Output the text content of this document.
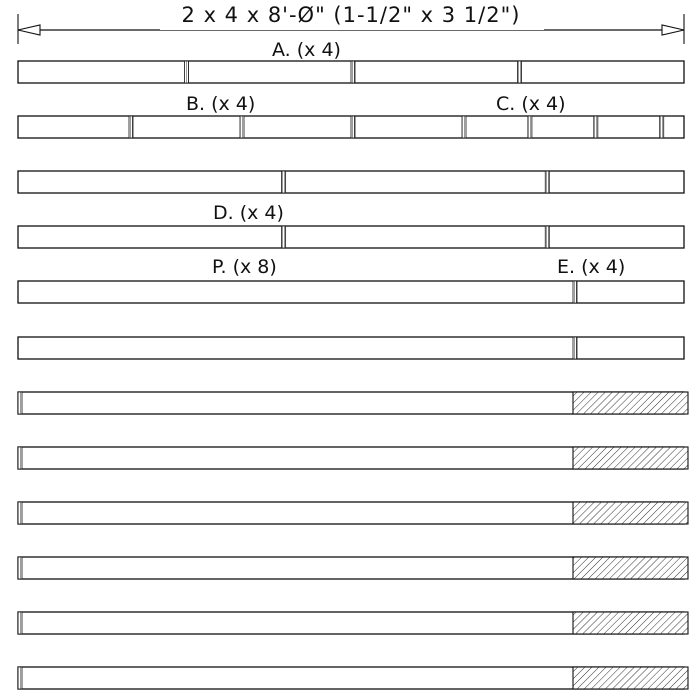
2 x 4 x 8'-Ø" (1-1/2" x 3 1/2")
A. (x 4)
B. (x 4)	C. (x 4)
D. (x 4)
P. (x 8)	E. (x 4)
